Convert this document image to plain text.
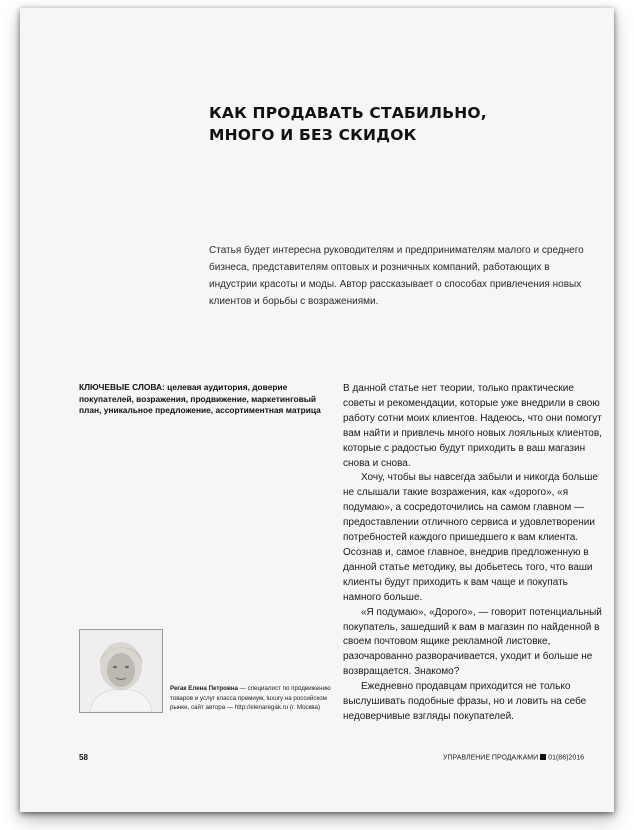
КАК ПРОДАВАТЬ СТАБИЛЬНО,
МНОГО И БЕЗ СКИДОК

Статья будет интересна руководителям и предпринимателям малого и среднего бизнеса, представителям оптовых и розничных компаний, работающих в индустрии красоты и моды. Автор рассказывает о способах привлечения новых клиентов и борьбы с возражениями.

КЛЮЧЕВЫЕ СЛОВА: целевая аудитория, доверие покупателей, возражения, продвижение, маркетинговый план, уникальное предложение, ассортиментная матрица

В данной статье нет теории, только практические советы и рекомендации, которые уже внедрили в свою работу сотни моих клиентов. Надеюсь, что они помогут вам найти и привлечь много новых лояльных клиентов, которые с радостью будут приходить в ваш магазин снова и снова.

Хочу, чтобы вы навсегда забыли и никогда больше не слышали такие возражения, как «дорого», «я подумаю», а сосредоточились на самом главном — предоставлении отличного сервиса и удовлетворении потребностей каждого пришедшего к вам клиента. Осознав и, самое главное, внедрив предложенную в данной статье методику, вы добьетесь того, что ваши клиенты будут приходить к вам чаще и покупать намного больше.

«Я подумаю», «Дорого», — говорит потенциальный покупатель, зашедший к вам в магазин по найденной в своем почтовом ящике рекламной листовке, разочарованно разворачивается, уходит и больше не возвращается. Знакомо?

Ежедневно продавцам приходится не только выслушивать подобные фразы, но и ловить на себе недоверчивые взгляды покупателей.

Регак Елена Петровна — специалист по продвижению товаров и услуг класса премиум, luxury на российском рынке, сайт автора — http://elenaregak.ru (г. Москва)

58	УПРАВЛЕНИЕ ПРОДАЖАМИ 01(86)2016
